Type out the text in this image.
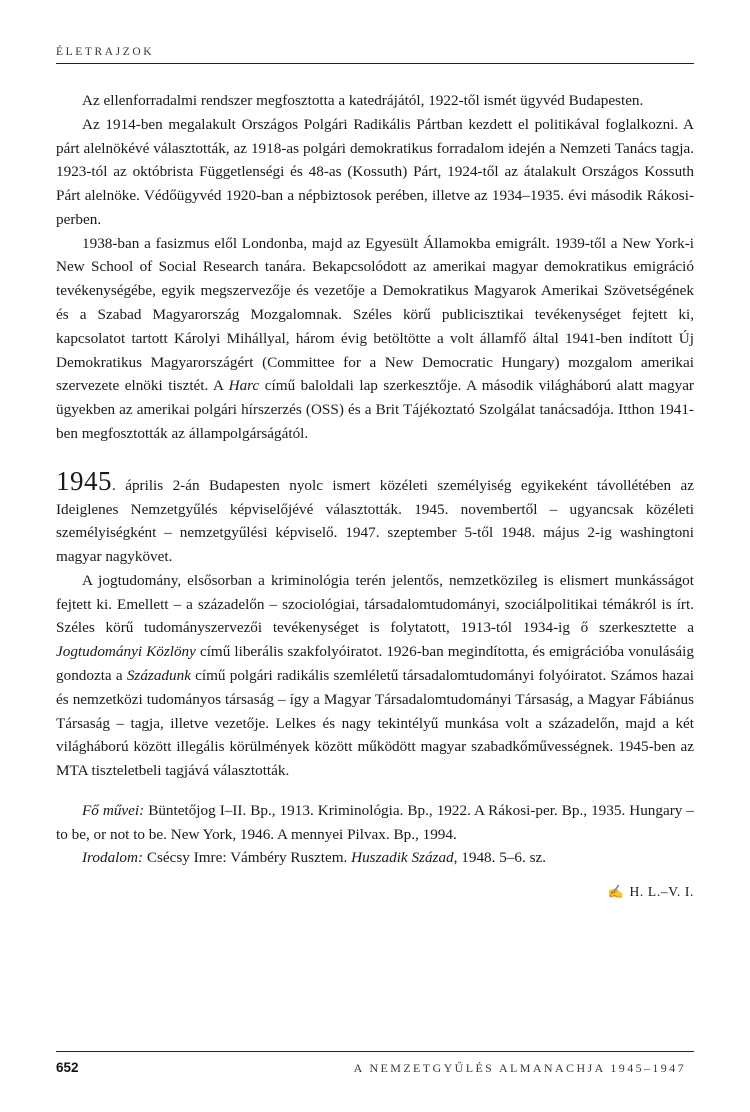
ÉLETRAJZOK

Az ellenforradalmi rendszer megfosztotta a katedrájától, 1922-től ismét ügyvéd Budapesten.

Az 1914-ben megalakult Országos Polgári Radikális Pártban kezdett el politikával foglalkozni. A párt alelnökévé választották, az 1918-as polgári demokratikus forradalom idején a Nemzeti Tanács tagja. 1923-tól az októbrista Függetlenségi és 48-as (Kossuth) Párt, 1924-től az átalakult Országos Kossuth Párt alelnöke. Védőügyvéd 1920-ban a népbiztosok perében, illetve az 1934–1935. évi második Rákosi-perben.

1938-ban a fasizmus elől Londonba, majd az Egyesült Államokba emigrált. 1939-től a New York-i New School of Social Research tanára. Bekapcsolódott az amerikai magyar demokratikus emigráció tevékenységébe, egyik megszervezője és vezetője a Demokratikus Magyarok Amerikai Szövetségének és a Szabad Magyarország Mozgalomnak. Széles körű publicisztikai tevékenységet fejtett ki, kapcsolatot tartott Károlyi Mihállyal, három évig betöltötte a volt államfő által 1941-ben indított Új Demokratikus Magyarországért (Committee for a New Democratic Hungary) mozgalom amerikai szervezete elnöki tisztét. A Harc című baloldali lap szerkesztője. A második világháború alatt magyar ügyekben az amerikai polgári hírszerzés (OSS) és a Brit Tájékoztató Szolgálat tanácsadója. Itthon 1941-ben megfosztották az állampolgárságától.

1945. április 2-án Budapesten nyolc ismert közéleti személyiség egyikeként távollétében az Ideiglenes Nemzetgyűlés képviselőjévé választották. 1945. novembertől – ugyancsak közéleti személyiségként – nemzetgyűlési képviselő. 1947. szeptember 5-től 1948. május 2-ig washingtoni magyar nagykövet.

A jogtudomány, elsősorban a kriminológia terén jelentős, nemzetközileg is elismert munkásságot fejtett ki. Emellett – a századelőn – szociológiai, társadalomtudományi, szociálpolitikai témákról is írt. Széles körű tudományszervezői tevékenységet is folytatott, 1913-tól 1934-ig ő szerkesztette a Jogtudományi Közlöny című liberális szakfolyóiratot. 1926-ban megindította, és emigrációba vonulásáig gondozta a Századunk című polgári radikális szemléletű társadalomtudományi folyóiratot. Számos hazai és nemzetközi tudományos társaság – így a Magyar Társadalomtudományi Társaság, a Magyar Fábiánus Társaság – tagja, illetve vezetője. Lelkes és nagy tekintélyű munkása volt a századelőn, majd a két világháború között illegális körülmények között működött magyar szabadkőművességnek. 1945-ben az MTA tiszteletbeli tagjává választották.

Fő művei: Büntetőjog I–II. Bp., 1913. Kriminológia. Bp., 1922. A Rákosi-per. Bp., 1935. Hungary – to be, or not to be. New York, 1946. A mennyei Pilvax. Bp., 1994.

Irodalom: Csécsy Imre: Vámbéry Rusztem. Huszadik Század, 1948. 5–6. sz.

✍ H. L.–V. I.
652	A NEMZETGYŰLÉS ALMANACHJA 1945–1947
